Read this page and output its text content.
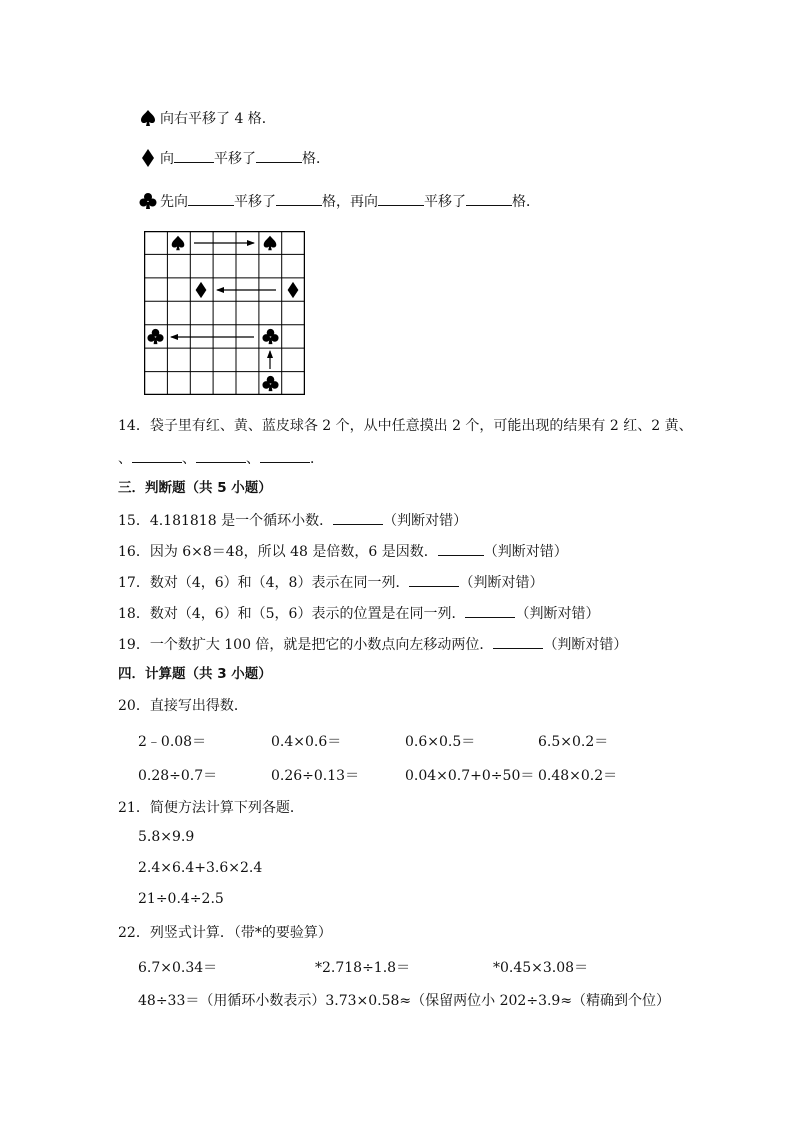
向右平移了 4 格．
向	平移了	格．
先向	平移了	格，再向	平移了	格．
14．袋子里有红、黄、蓝皮球各 2 个，从中任意摸出 2 个，可能出现的结果有 2 红、2 黄、
、	、	、	．
三．判断题（共 5 小题）
15．4.181818 是一个循环小数．	（判断对错）
16．因为 6×8＝48，所以 48 是倍数，6 是因数．	（判断对错）
17．数对（4，6）和（4，8）表示在同一列．	（判断对错）
18．数对（4，6）和（5，6）表示的位置是在同一列．	（判断对错）
19．一个数扩大 100 倍，就是把它的小数点向左移动两位．	（判断对错）
四．计算题（共 3 小题）
20．直接写出得数．
2﹣0.08＝	0.4×0.6＝	0.6×0.5＝	6.5×0.2＝
0.28÷0.7＝	0.26÷0.13＝	0.04×0.7+0÷50＝ 0.48×0.2＝
21．简便方法计算下列各题．
5.8×9.9
2.4×6.4+3.6×2.4
21÷0.4÷2.5
22．列竖式计算．（带*的要验算）
6.7×0.34＝	*2.718÷1.8＝	*0.45×3.08＝
48÷33＝（用循环小数表示）3.73×0.58≈（保留两位小 202÷3.9≈（精确到个位）
